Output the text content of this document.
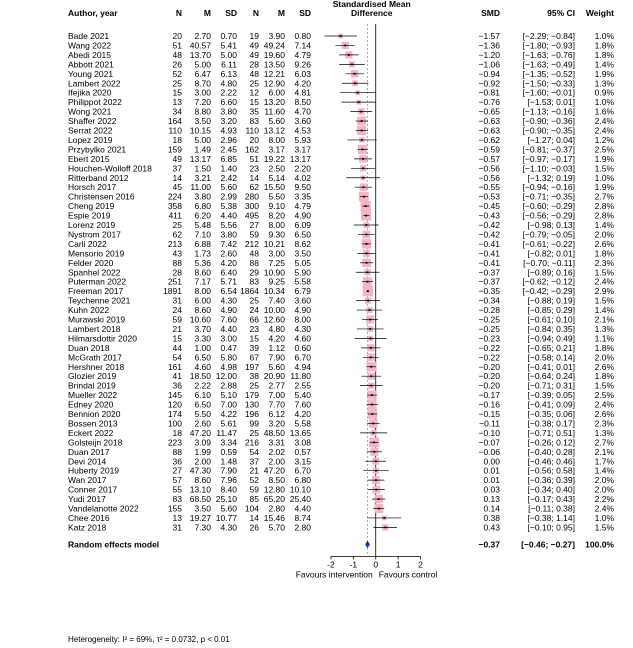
Author, year	N	M SD N M SD	SMD	95% CI Weight
Standardised Mean
Difference
Bade 2021	20 2.70 0.70 19 3.90 0.80	−1.57	[−2.29; −0.84] 1.0%
Wang 2022	51 40.57 5.41 49 49.24 7.14	−1.36	[−1.80; −0.93] 1.8%
Abedi 2015	48 13.70 5.00 49 19.60 4.79	−1.20	[−1.63; −0.76] 1.8%
Abbott 2021	26 5.00 6.11 28 13.50 9.26	−1.06	[−1.63; −0.49] 1.4%
Young 2021	52 6.47 6.13 48 12.21 6.03	−0.94	[−1.35; −0.52] 1.9%
Lambert 2022	25 8.70 4.80 25 12.90 4.20	−0.92	[−1.50; −0.33] 1.3%
Ifejika 2020	15 3.00 2.22 12 6.00 4.81	−0.81	[−1.60; −0.01] 0.9%
Philippot 2022	13 7.20 6.60 15 13.20 8.50	−0.76	[−1.53; 0.01] 1.0%
Wong 2021	34 8.80 3.80 35 11.60 4.70	−0.65	[−1.13; −0.16] 1.6%
Shaffer 2022	164 3.50 3.20 83 5.60 3.60	−0.63	[−0.90; −0.36] 2.4%
Serrat 2022	110 10.15 4.93 110 13.12 4.53	−0.63	[−0.90; −0.35] 2.4%
Lopez 2019	18 5.00 2.96 20 8.00 5.93	−0.62	[−1.27; 0.04] 1.2%
Przybylko 2021	159 1.49 2.45 162 3.17 3.17	−0.59	[−0.81; −0.37] 2.5%
Ebert 2015	49 13.17 6.85 51 19.22 13.17	−0.57	[−0.97; −0.17] 1.9%
Houchen-Wolloff 2018 37 1.50 1.40 23 2.50 2.20	−0.56	[−1.10; −0.03] 1.5%
Ritterband 2012	14 3.21 2.42 14 5.14 4.02	−0.56	[−1.32; 0.19] 1.0%
Horsch 2017	45 11.00 5.60 62 15.50 9.50	−0.55	[−0.94; −0.16] 1.9%
Christensen 2016	224 3.80 2.99 280 5.50 3.35	−0.53	[−0.71; −0.35] 2.7%
Cheng 2019	358 6.80 5.38 300 9.10 4.79	−0.45	[−0.60; −0.29] 2.8%
Espie 2019	411 6.20 4.40 495 8.20 4.90	−0.43	[−0.56; −0.29] 2.8%
Lorenz 2019	25 5.48 5.56 27 8.00 6.09	−0.42	[−0.98; 0.13] 1.4%
Nystrom 2017	62 7.10 3.80 59 9.30 6.50	−0.42	[−0.79; −0.05] 2.0%
Carli 2022	213 6.88 7.42 212 10.21 8.62	−0.41	[−0.61; −0.22] 2.6%
Mensorio 2019	43 1.73 2.60 48 3.00 3.50	−0.41	[−0.82; 0.01] 1.8%
Felder 2020	88 5.36 4.20 88 7.25 5.05	−0.41	[−0.70; −0.11] 2.3%
Spanhel 2022	28 8.60 6.40 29 10.90 5.90	−0.37	[−0.89; 0.16] 1.5%
Puterman 2022	251 7.17 5.71 83 9.25 5.58	−0.37	[−0.62; −0.12] 2.4%
Freeman 2017	1891 8.00 6.54 1864 10.34 6.79	−0.35	[−0.42; −0.29] 2.9%
Teychenne 2021	31 6.00 4.30 25 7.40 3.60	−0.34	[−0.88; 0.19] 1.5%
Kuhn 2022	24 8.60 4.90 24 10.00 4.90	−0.28	[−0.85; 0.29] 1.4%
Murawski 2019	59 10.60 7.60 66 12.60 8.00	−0.25	[−0.61; 0.10] 2.1%
Lambert 2018	21 3.70 4.40 23 4.80 4.30	−0.25	[−0.84; 0.35] 1.3%
Hilmarsdottir 2020	15 3.30 3.00 15 4.20 4.60	−0.23	[−0.94; 0.49] 1.1%
Duan 2018	44 1.00 0.47 39 1.12 0.60	−0.22	[−0.65; 0.21] 1.8%
McGrath 2017	54 6.50 5.80 67 7.90 6.70	−0.22	[−0.58; 0.14] 2.0%
Hershner 2018	161 4.60 4.98 197 5.60 4.94	−0.20	[−0.41; 0.01] 2.6%
Glozier 2019	41 18.50 12.00 38 20.90 11.80	−0.20	[−0.64; 0.24] 1.8%
Brindal 2019	36 2.22 2.88 25 2.77 2.55	−0.20	[−0.71; 0.31] 1.5%
Mueller 2022	145 6.10 5.10 179 7.00 5.40	−0.17	[−0.39; 0.05] 2.5%
Edney 2020	120 6.50 7.00 130 7.70 7.60	−0.16	[−0.41; 0.09] 2.4%
Bennion 2020	174 5.50 4.22 196 6.12 4.20	−0.15	[−0.35; 0.06] 2.6%
Bossen 2013	100 2.60 5.61 99 3.20 5.58	−0.11	[−0.38; 0.17] 2.3%
Eckert 2022	18 47.20 11.47 25 48.50 13.65	−0.10	[−0.71; 0.51] 1.3%
Golsteijn 2018	223 3.09 3.34 216 3.31 3.08	−0.07	[−0.26; 0.12] 2.7%
Duan 2017	88 1.99 0.59 54 2.02 0.57	−0.06	[−0.40; 0.28] 2.1%
Devi 2014	36 2.00 1.48 37 2.00 3.15	0.00	[−0.46; 0.46] 1.7%
Huberty 2019	27 47.30 7.90 21 47.20 6.70	0.01	[−0.56; 0.58] 1.4%
Wan 2017	57 8.60 7.96 52 8.50 6.80	0.01	[−0.36; 0.39] 2.0%
Conner 2017	55 13.10 8.40 59 12.80 10.10	0.03	[−0.34; 0.40] 2.0%
Yudi 2017	83 68.50 25.10 85 65.20 25.40	0.13	[−0.17; 0.43] 2.2%
Vandelanotte 2022	155 3.50 5.60 104 2.80 4.40	0.14	[−0.11; 0.38] 2.4%
Chee 2016	13 19.27 10.77 14 15.46 8.74	0.38	[−0.38; 1.14] 1.0%
Katz 2018	31 7.30 4.30 26 5.70 2.80	0.43	[−0.10; 0.95] 1.5%
Random effects model	−0.37 [−0.46; −0.27] 100.0%
-2 -1 0 1 2
Favours intervention Favours control
Heterogeneity: I² = 69%, τ² = 0.0732, p < 0.01
